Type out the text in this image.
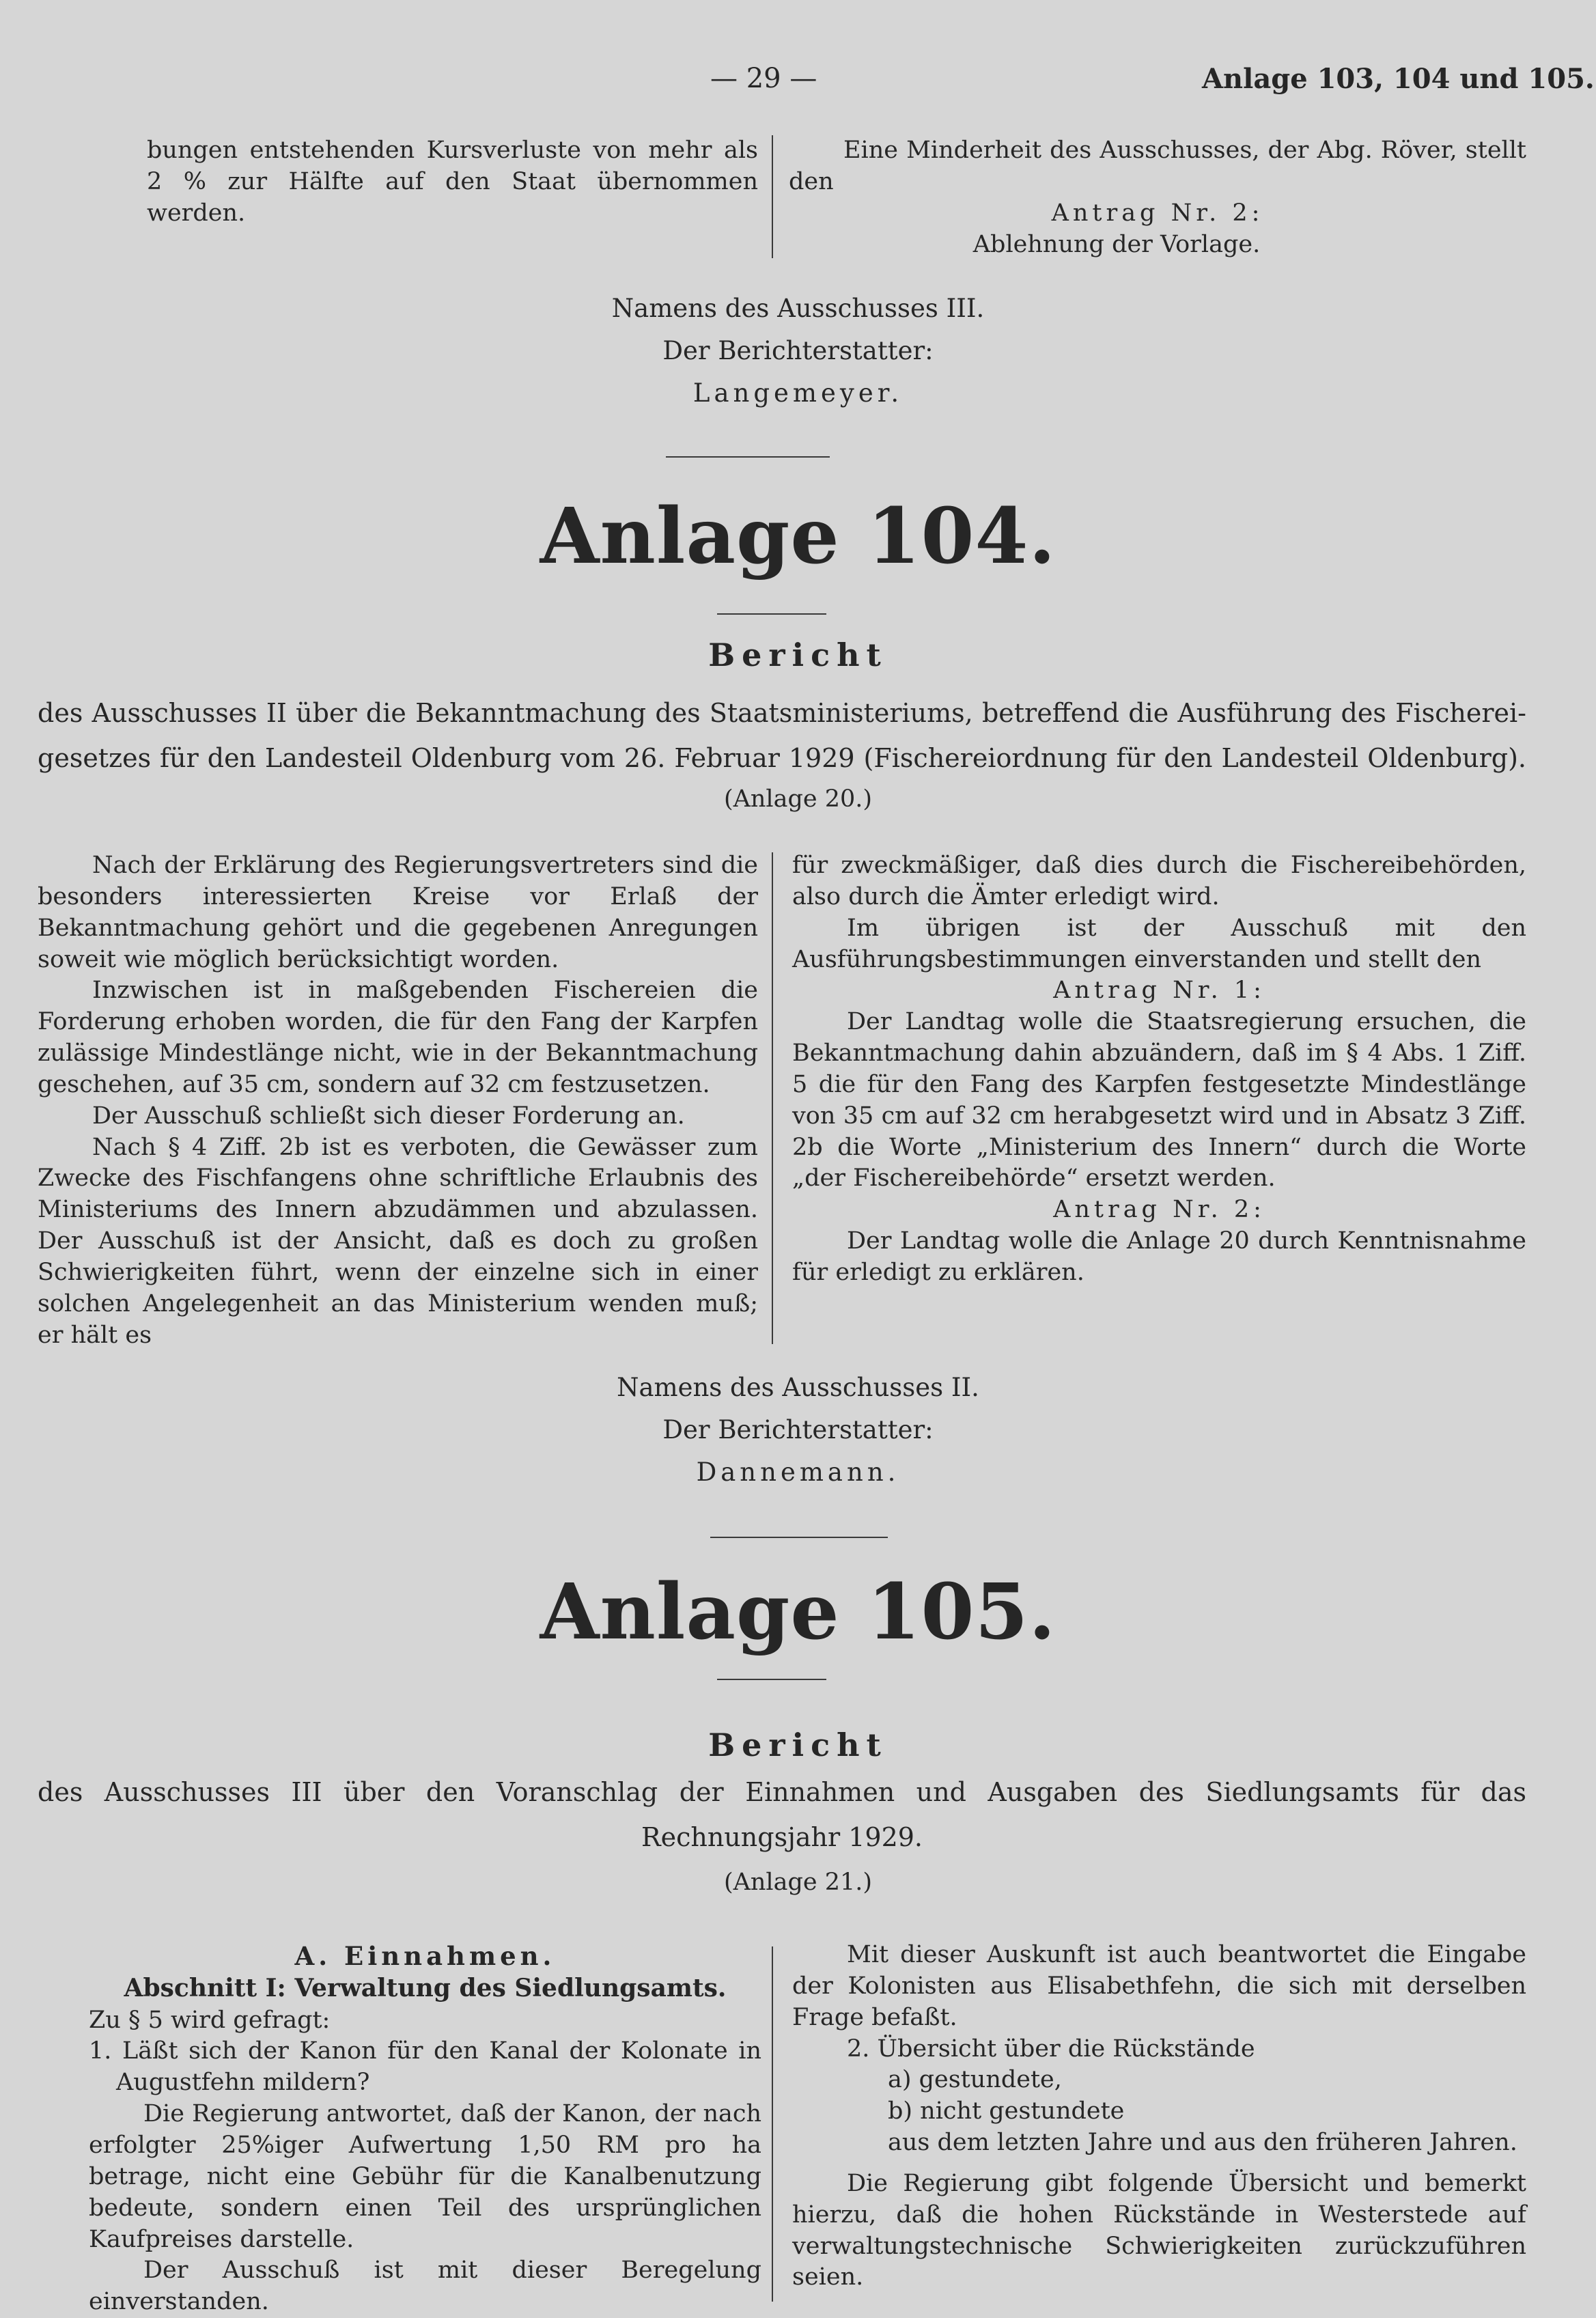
— 29 —	Anlage 103, 104 und 105.

bungen entstehenden Kursverluste von mehr als

2 % zur Hälfte auf den Staat übernommen

werden.

Eine Minderheit des Ausschusses, der Abg. Röver, stellt

den

Antrag Nr. 2:

Ablehnung der Vorlage.

Namens des Ausschusses III.
Der Berichterstatter:
Langemeyer.
Anlage 104.
Bericht
des Ausschusses II über die Bekanntmachung des Staatsministeriums, betreffend die Ausführung des Fischerei-
gesetzes für den Landesteil Oldenburg vom 26. Februar 1929 (Fischereiordnung für den Landesteil Oldenburg).
(Anlage 20.)

Nach der Erklärung des Regierungsvertreters sind die besonders interessierten Kreise vor Erlaß der Bekanntmachung gehört und die gegebenen Anregungen soweit wie möglich berücksichtigt worden.

Inzwischen ist in maßgebenden Fischereien die Forderung erhoben worden, die für den Fang der Karpfen zulässige Mindestlänge nicht, wie in der Bekanntmachung geschehen, auf 35 cm, sondern auf 32 cm festzusetzen.

Der Ausschuß schließt sich dieser Forderung an.

Nach § 4 Ziff. 2b ist es verboten, die Gewässer zum Zwecke des Fischfangens ohne schriftliche Erlaubnis des Ministeriums des Innern abzudämmen und abzulassen. Der Ausschuß ist der Ansicht, daß es doch zu großen Schwierigkeiten führt, wenn der einzelne sich in einer solchen Angelegenheit an das Ministerium wenden muß; er hält es

für zweckmäßiger, daß dies durch die Fischereibehörden, also durch die Ämter erledigt wird.

Im übrigen ist der Ausschuß mit den Ausführungsbestimmungen einverstanden und stellt den

Antrag Nr. 1:

Der Landtag wolle die Staatsregierung ersuchen, die Bekanntmachung dahin abzuändern, daß im § 4 Abs. 1 Ziff. 5 die für den Fang des Karpfen festgesetzte Mindestlänge von 35 cm auf 32 cm herabgesetzt wird und in Absatz 3 Ziff. 2b die Worte „Ministerium des Innern“ durch die Worte „der Fischereibehörde“ ersetzt werden.

Antrag Nr. 2:

Der Landtag wolle die Anlage 20 durch Kenntnisnahme für erledigt zu erklären.

Namens des Ausschusses II.
Der Berichterstatter:
Dannemann.
Anlage 105.
Bericht
des Ausschusses III über den Voranschlag der Einnahmen und Ausgaben des Siedlungsamts für das
Rechnungsjahr 1929.
(Anlage 21.)

A. Einnahmen.

Abschnitt I: Verwaltung des Siedlungsamts.

Zu § 5 wird gefragt:

1. Läßt sich der Kanon für den Kanal der Kolonate in Augustfehn mildern?

Die Regierung antwortet, daß der Kanon, der nach erfolgter 25%iger Aufwertung 1,50 RM pro ha betrage, nicht eine Gebühr für die Kanalbenutzung bedeute, sondern einen Teil des ursprünglichen Kaufpreises darstelle.

Der Ausschuß ist mit dieser Beregelung einverstanden.

Mit dieser Auskunft ist auch beantwortet die Eingabe der Kolonisten aus Elisabethfehn, die sich mit derselben Frage befaßt.

2. Übersicht über die Rückstände

a) gestundete,

b) nicht gestundete

aus dem letzten Jahre und aus den früheren Jahren.

Die Regierung gibt folgende Übersicht und bemerkt hierzu, daß die hohen Rückstände in Westerstede auf verwaltungstechnische Schwierigkeiten zurückzuführen seien.
